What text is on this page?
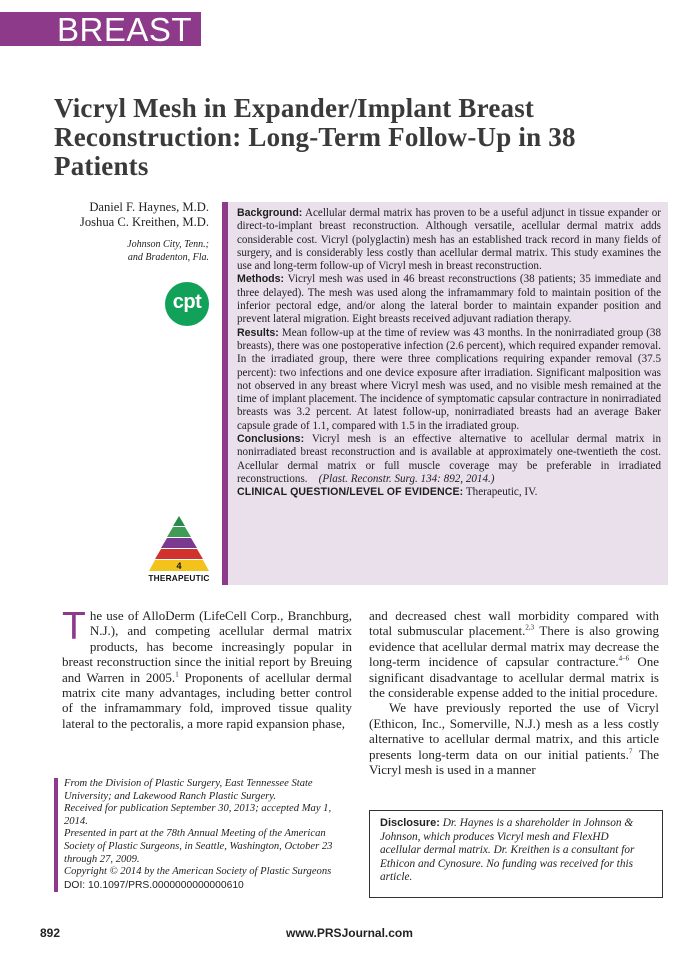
BREAST
Vicryl Mesh in Expander/Implant Breast Reconstruction: Long-Term Follow-Up in 38 Patients
Daniel F. Haynes, M.D.
Joshua C. Kreithen, M.D.
Johnson City, Tenn.;
and Bradenton, Fla.
cpt
4
THERAPEUTIC

Background: Acellular dermal matrix has proven to be a useful adjunct in tissue expander or direct-to-implant breast reconstruction. Although versatile, acellular dermal matrix adds considerable cost. Vicryl (polyglactin) mesh has an established track record in many fields of surgery, and is considerably less costly than acellular dermal matrix. This study examines the use and long-term follow-up of Vicryl mesh in breast reconstruction.

Methods: Vicryl mesh was used in 46 breast reconstructions (38 patients; 35 immediate and three delayed). The mesh was used along the inframammary fold to maintain position of the inferior pectoral edge, and/or along the lateral border to maintain expander position and prevent lateral migration. Eight breasts received adjuvant radiation therapy.

Results: Mean follow-up at the time of review was 43 months. In the nonirradiated group (38 breasts), there was one postoperative infection (2.6 percent), which required expander removal. In the irradiated group, there were three complications requiring expander removal (37.5 percent): two infections and one device exposure after irradiation. Significant malposition was not observed in any breast where Vicryl mesh was used, and no visible mesh remained at the time of implant placement. The incidence of symptomatic capsular contracture in nonirradiated breasts was 3.2 percent. At latest follow-up, nonirradiated breasts had an average Baker capsule grade of 1.1, compared with 1.5 in the irradiated group.

Conclusions: Vicryl mesh is an effective alternative to acellular dermal matrix in nonirradiated breast reconstruction and is available at approximately one-twentieth the cost. Acellular dermal matrix or full muscle coverage may be preferable in irradiated reconstructions. (Plast. Reconstr. Surg. 134: 892, 2014.)

CLINICAL QUESTION/LEVEL OF EVIDENCE: Therapeutic, IV.

The use of AlloDerm (LifeCell Corp., Branchburg, N.J.), and competing acellular dermal matrix products, has become increasingly popular in breast reconstruction since the initial report by Breuing and Warren in 2005.$^1$ Proponents of acellular dermal matrix cite many advantages, including better control of the inframammary fold, improved tissue quality lateral to the pectoralis, a more rapid expansion phase,

and decreased chest wall morbidity compared with total submuscular placement.$^{2,3}$ There is also growing evidence that acellular dermal matrix may decrease the long-term incidence of capsular contracture.$^{4-6}$ One significant disadvantage to acellular dermal matrix is the considerable expense added to the initial procedure.

We have previously reported the use of Vicryl (Ethicon, Inc., Somerville, N.J.) mesh as a less costly alternative to acellular dermal matrix, and this article presents long-term data on our initial patients.$^7$ The Vicryl mesh is used in a manner

From the Division of Plastic Surgery, East Tennessee State University; and Lakewood Ranch Plastic Surgery.

Received for publication September 30, 2013; accepted May 1, 2014.

Presented in part at the 78th Annual Meeting of the American Society of Plastic Surgeons, in Seattle, Washington, October 23 through 27, 2009.

Copyright © 2014 by the American Society of Plastic Surgeons

DOI: 10.1097/PRS.0000000000000610

Disclosure: Dr. Haynes is a shareholder in Johnson & Johnson, which produces Vicryl mesh and FlexHD acellular dermal matrix. Dr. Kreithen is a consultant for Ethicon and Cynosure. No funding was received for this article.
892	www.PRSJournal.com
